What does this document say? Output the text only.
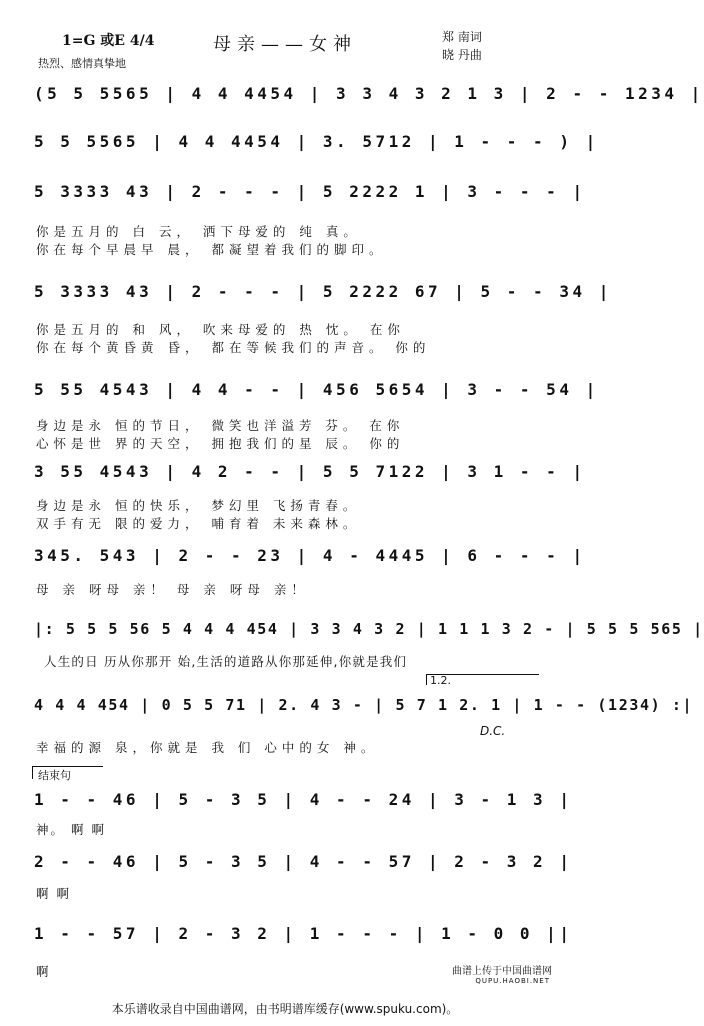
1=G 或E 4/4
热烈、感情真挚地
母亲——女神	郑 南词
晓 丹曲
(5 5 5565 | 4 4 4454 | 3 3 4 3 2 1 3 | 2 - - 1234 |
5 5 5565 | 4 4 4454 | 3. 5712 | 1 - - - ) |
5 3333 43 | 2 - - - | 5 2222 1 | 3 - - - |
你是五月的 白 云， 洒下母爱的 纯 真。
你在每个早晨早 晨， 都凝望着我们的脚印。
5 3333 43 | 2 - - - | 5 2222 67 | 5 - - 34 |
你是五月的 和 风， 吹来母爱的 热 忱。 在你
你在每个黄昏黄 昏， 都在等候我们的声音。 你的
5 55 4543 | 4 4 - - | 456 5654 | 3 - - 54 |
身边是永 恒的节日， 微笑也洋溢芳 芬。 在你
心怀是世 界的天空， 拥抱我们的星 辰。 你的
3 55 4543 | 4 2 - - | 5 5 7122 | 3 1 - - |
身边是永 恒的快乐， 梦幻里 飞扬青春。
双手有无 限的爱力， 哺育着 未来森林。
345. 543 | 2 - - 23 | 4 - 4445 | 6 - - - |
母 亲 呀母 亲！ 母 亲 呀母 亲！
|: 5 5 5 56 5 4 4 4 454 | 3 3 4 3 2 | 1 1 1 3 2 - | 5 5 5 565 |
人生的日 历从你那开 始,生活的道路从你那延伸,你就是我们
1.2.
4 4 4 454 | 0 5 5 71 | 2. 4 3 - | 5 7 1 2. 1 | 1 - - (1234) :|
D.C.
幸福的源 泉，你就是 我 们 心中的女 神。
结束句
1 - - 46 | 5 - 3 5 | 4 - - 24 | 3 - 1 3 |
神。 啊 啊
2 - - 46 | 5 - 3 5 | 4 - - 57 | 2 - 3 2 |
啊 啊
1 - - 57 | 2 - 3 2 | 1 - - - | 1 - 0 0 ||
啊	曲谱上传于中国曲谱网
QUPU.HAOBI.NET
本乐谱收录自中国曲谱网，由书明谱库缓存(www.spuku.com)。
